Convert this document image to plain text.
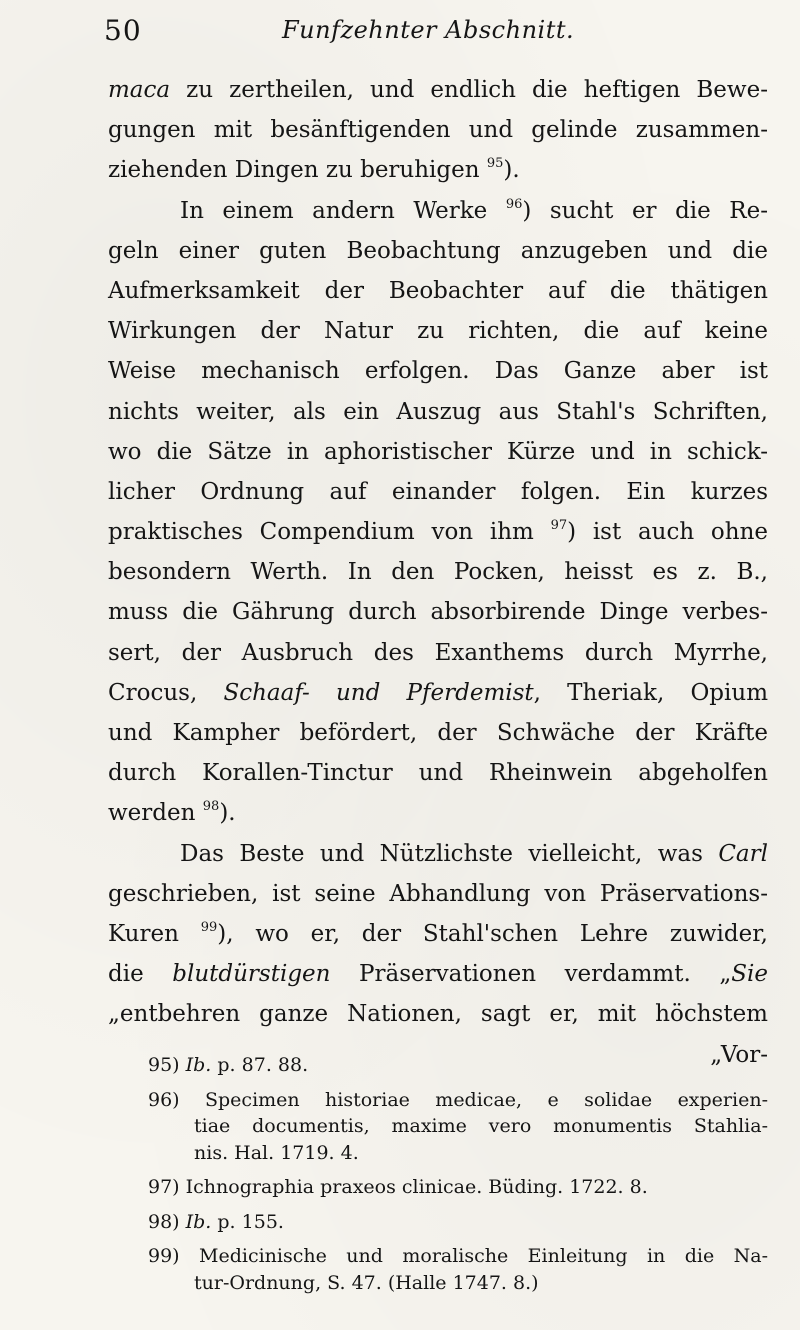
50	Funfzehnter Abschnitt.
maca zu zertheilen, und endlich die heftigen Bewe-
gungen mit besänftigenden und gelinde zusammen-
ziehenden Dingen zu beruhigen $^{95}$).
In einem andern Werke $^{96}$) sucht er die Re-
geln einer guten Beobachtung anzugeben und die
Aufmerksamkeit der Beobachter auf die thätigen
Wirkungen der Natur zu richten, die auf keine
Weise mechanisch erfolgen. Das Ganze aber ist
nichts weiter, als ein Auszug aus Stahl's Schriften,
wo die Sätze in aphoristischer Kürze und in schick-
licher Ordnung auf einander folgen. Ein kurzes
praktisches Compendium von ihm $^{97}$) ist auch ohne
besondern Werth. In den Pocken, heisst es z. B.,
muss die Gährung durch absorbirende Dinge verbes-
sert, der Ausbruch des Exanthems durch Myrrhe,
Crocus, Schaaf- und Pferdemist, Theriak, Opium
und Kampher befördert, der Schwäche der Kräfte
durch Korallen-Tinctur und Rheinwein abgeholfen
werden $^{98}$).
Das Beste und Nützlichste vielleicht, was Carl
geschrieben, ist seine Abhandlung von Präservations-
Kuren $^{99}$), wo er, der Stahl'schen Lehre zuwider,
die blutdürstigen Präservationen verdammt. „Sie
„entbehren ganze Nationen, sagt er, mit höchstem
„Vor-
95) Ib. p. 87. 88.
96) Specimen historiae medicae, e solidae experien-
tiae documentis, maxime vero monumentis Stahlia-
nis. Hal. 1719. 4.
97) Ichnographia praxeos clinicae. Büding. 1722. 8.
98) Ib. p. 155.
99) Medicinische und moralische Einleitung in die Na-
tur-Ordnung, S. 47. (Halle 1747. 8.)
